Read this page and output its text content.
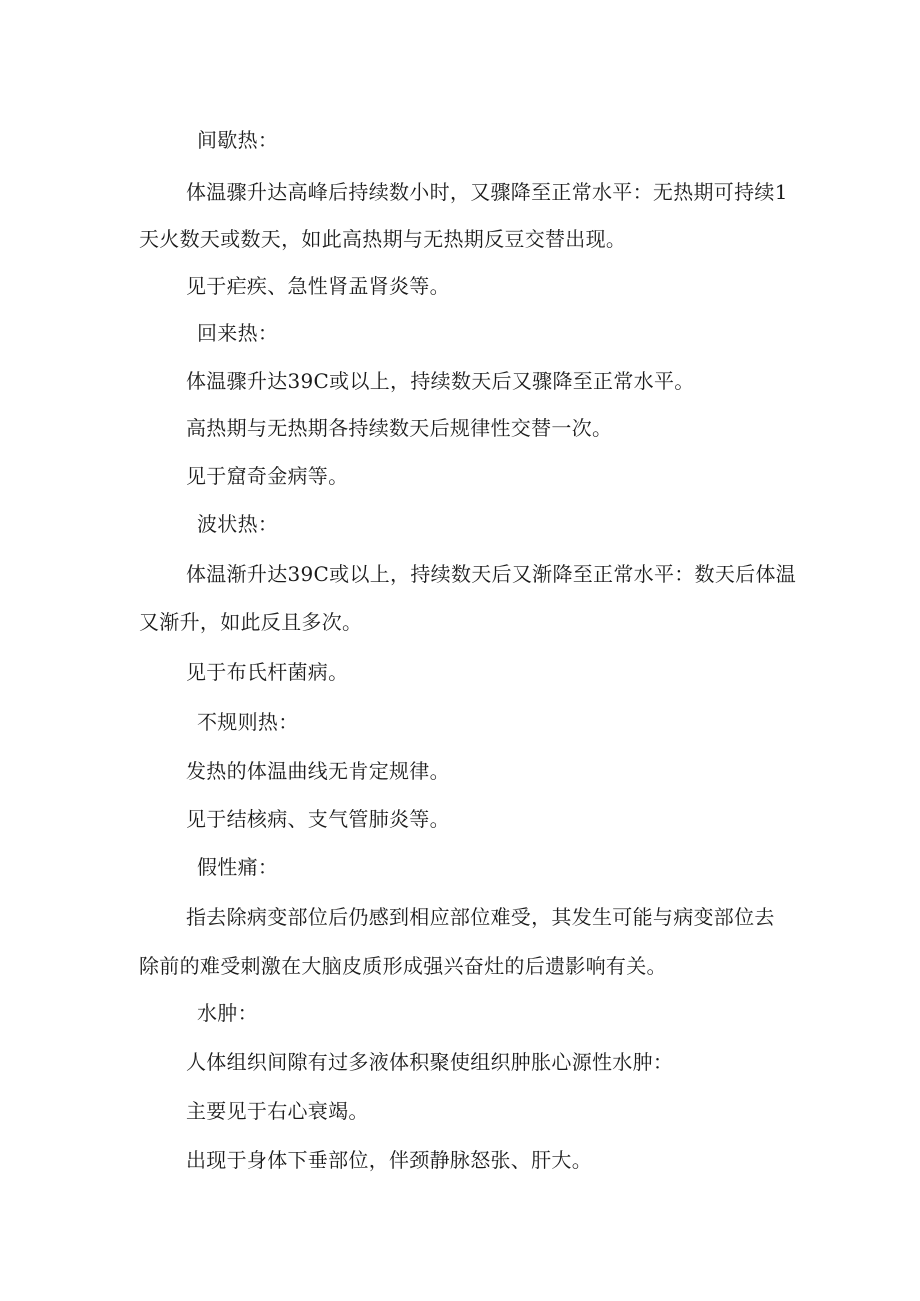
间歇热：
体温骤升达高峰后持续数小时，又骤降至正常水平：无热期可持续1
天火数天或数天，如此高热期与无热期反豆交替出现。
见于疟疾、急性肾盂肾炎等。
回来热：
体温骤升达39C或以上，持续数天后又骤降至正常水平。
高热期与无热期各持续数天后规律性交替一次。
见于窟奇金病等。
波状热：
体温渐升达39C或以上，持续数天后又渐降至正常水平：数天后体温
又渐升，如此反且多次。
见于布氏杆菌病。
不规则热：
发热的体温曲线无肯定规律。
见于结核病、支气管肺炎等。
假性痛：
指去除病变部位后仍感到相应部位难受，其发生可能与病变部位去
除前的难受刺激在大脑皮质形成强兴奋灶的后遗影响有关。
水肿：
人体组织间隙有过多液体积聚使组织肿胀心源性水肿：
主要见于右心衰竭。
出现于身体下垂部位，伴颈静脉怒张、肝大。
